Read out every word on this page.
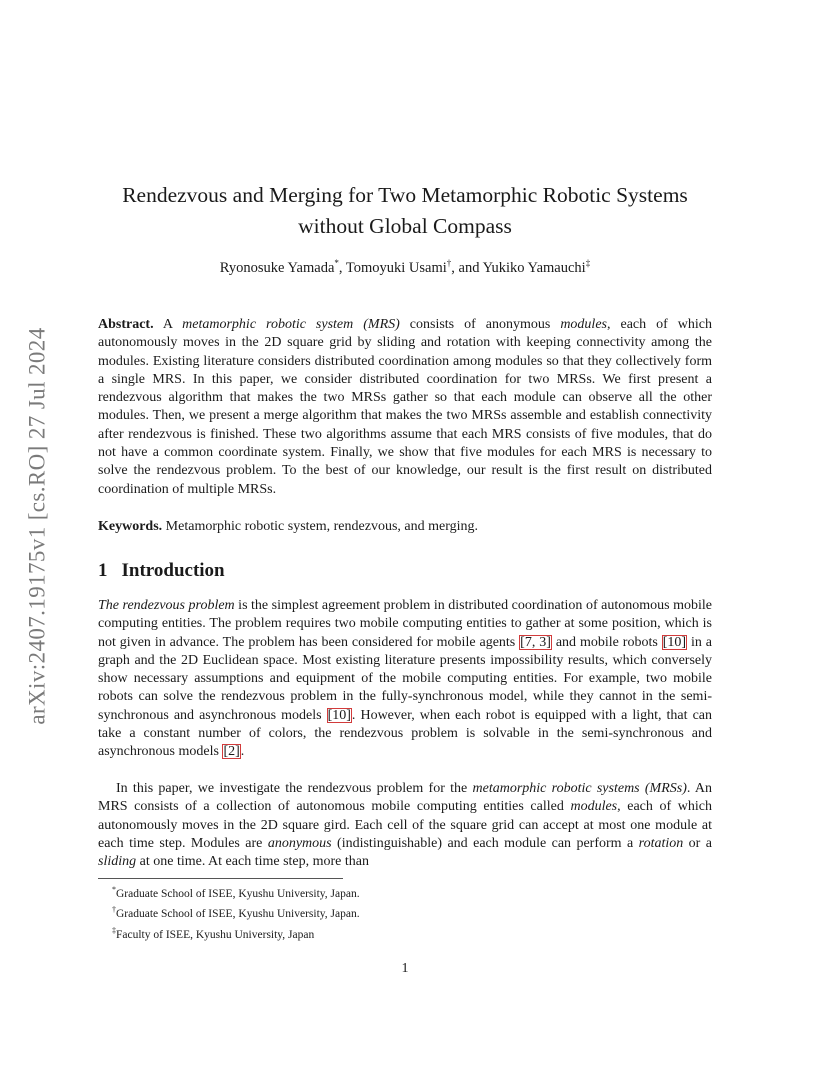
arXiv:2407.19175v1 [cs.RO] 27 Jul 2024
Rendezvous and Merging for Two Metamorphic Robotic Systems
without Global Compass
Ryonosuke Yamada*, Tomoyuki Usami†, and Yukiko Yamauchi‡
Abstract. A metamorphic robotic system (MRS) consists of anonymous modules, each of which autonomously moves in the 2D square grid by sliding and rotation with keeping connectivity among the modules. Existing literature considers distributed coordination among modules so that they collectively form a single MRS. In this paper, we consider distributed coordination for two MRSs. We first present a rendezvous algorithm that makes the two MRSs gather so that each module can observe all the other modules. Then, we present a merge algorithm that makes the two MRSs assemble and establish connectivity after rendezvous is finished. These two algorithms assume that each MRS consists of five modules, that do not have a common coordinate system. Finally, we show that five modules for each MRS is necessary to solve the rendezvous problem. To the best of our knowledge, our result is the first result on distributed coordination of multiple MRSs.
Keywords. Metamorphic robotic system, rendezvous, and merging.
1 Introduction
The rendezvous problem is the simplest agreement problem in distributed coordination of autonomous mobile computing entities. The problem requires two mobile computing entities to gather at some position, which is not given in advance. The problem has been considered for mobile agents [7, 3] and mobile robots [10] in a graph and the 2D Euclidean space. Most existing literature presents impossibility results, which conversely show necessary assumptions and equipment of the mobile computing entities. For example, two mobile robots can solve the rendezvous problem in the fully-synchronous model, while they cannot in the semi-synchronous and asynchronous models [10]. However, when each robot is equipped with a light, that can take a constant number of colors, the rendezvous problem is solvable in the semi-synchronous and asynchronous models [2].
In this paper, we investigate the rendezvous problem for the metamorphic robotic systems (MRSs). An MRS consists of a collection of autonomous mobile computing entities called modules, each of which autonomously moves in the 2D square gird. Each cell of the square grid can accept at most one module at each time step. Modules are anonymous (indistinguishable) and each module can perform a rotation or a sliding at one time. At each time step, more than
*Graduate School of ISEE, Kyushu University, Japan.
†Graduate School of ISEE, Kyushu University, Japan.
‡Faculty of ISEE, Kyushu University, Japan
1
